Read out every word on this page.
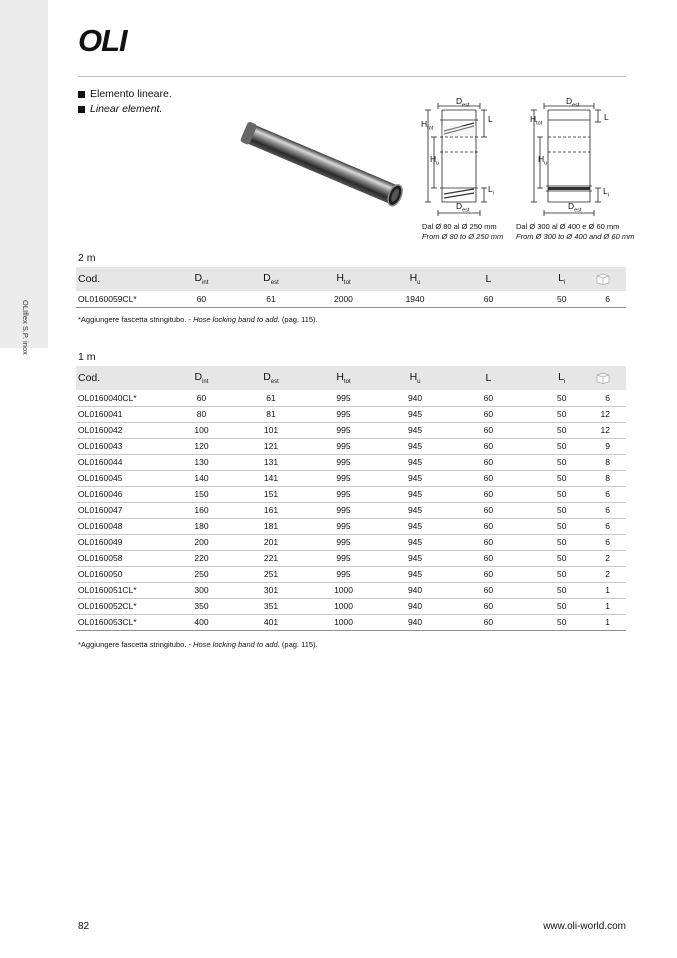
OLIflex S.P. inox
OLI
Elemento lineare.
Linear element.
$D_{est}$
L
$H_{tot}$
$H_u$
$L_i$
$D_{est}$
Dal Ø 80 al Ø 250 mm
From Ø 80 to Ø 250 mm
$D_{est}$
L
$H_{tot}$
$H_u$
$L_i$
$D_{est}$
Dal Ø 300 al Ø 400 e Ø 60 mm
From Ø 300 to Ø 400 and Ø 60 mm
2 m
Cod.	$D_{int}$	$D_{est}$	$H_{tot}$	$H_u$	L	$L_i$	
OL0160059CL*	60	61	2000	1940	60	50	6
*Aggiungere fascetta stringitubo. - Hose locking band to add. (pag. 115).
1 m
Cod.	$D_{int}$	$D_{est}$	$H_{tot}$	$H_u$	L	$L_i$	
OL0160040CL*	60	61	995	940	60	50	6
OL0160041	80	81	995	945	60	50	12
OL0160042	100	101	995	945	60	50	12
OL0160043	120	121	995	945	60	50	9
OL0160044	130	131	995	945	60	50	8
OL0160045	140	141	995	945	60	50	8
OL0160046	150	151	995	945	60	50	6
OL0160047	160	161	995	945	60	50	6
OL0160048	180	181	995	945	60	50	6
OL0160049	200	201	995	945	60	50	6
OL0160058	220	221	995	945	60	50	2
OL0160050	250	251	995	945	60	50	2
OL0160051CL*	300	301	1000	940	60	50	1
OL0160052CL*	350	351	1000	940	60	50	1
OL0160053CL*	400	401	1000	940	60	50	1
*Aggiungere fascetta stringitubo. - Hose locking band to add. (pag. 115).
82	www.oli-world.com
